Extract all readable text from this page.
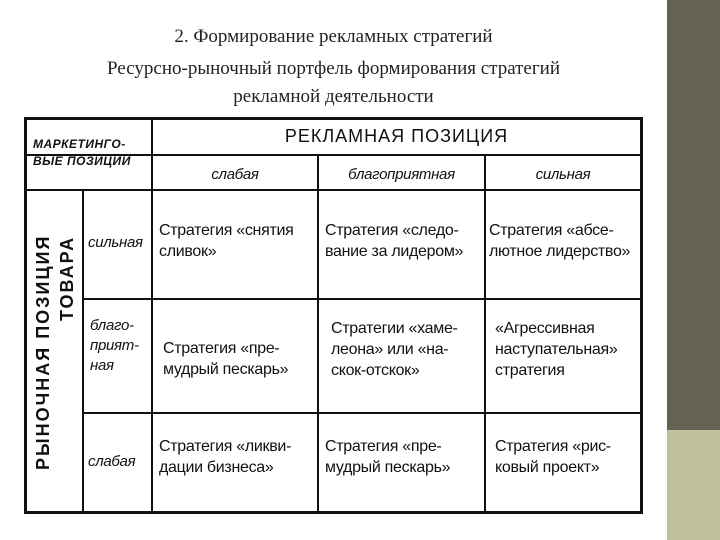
2. Формирование рекламных стратегий
Ресурсно-рыночный портфель формирования стратегий
рекламной деятельности
МАРКЕТИНГО-
ВЫЕ ПОЗИЦИИ
РЕКЛАМНАЯ ПОЗИЦИЯ
слабая	благоприятная	сильная
РЫНОЧНАЯ ПОЗИЦИЯ ТОВАРА сильная
благо-
прият-
ная
слабая
Стратегия «снятия
сливок»
Стратегия «следо-
вание за лидером»
Стратегия «абсе-
лютное лидерство»
Стратегия «пре-
мудрый пескарь»
Стратегии «хаме-
леона» или «на-
скок-отскок»
«Агрессивная
наступательная»
стратегия
Стратегия «ликви-
дации бизнеса»
Стратегия «пре-
мудрый пескарь»
Стратегия «рис-
ковый проект»
